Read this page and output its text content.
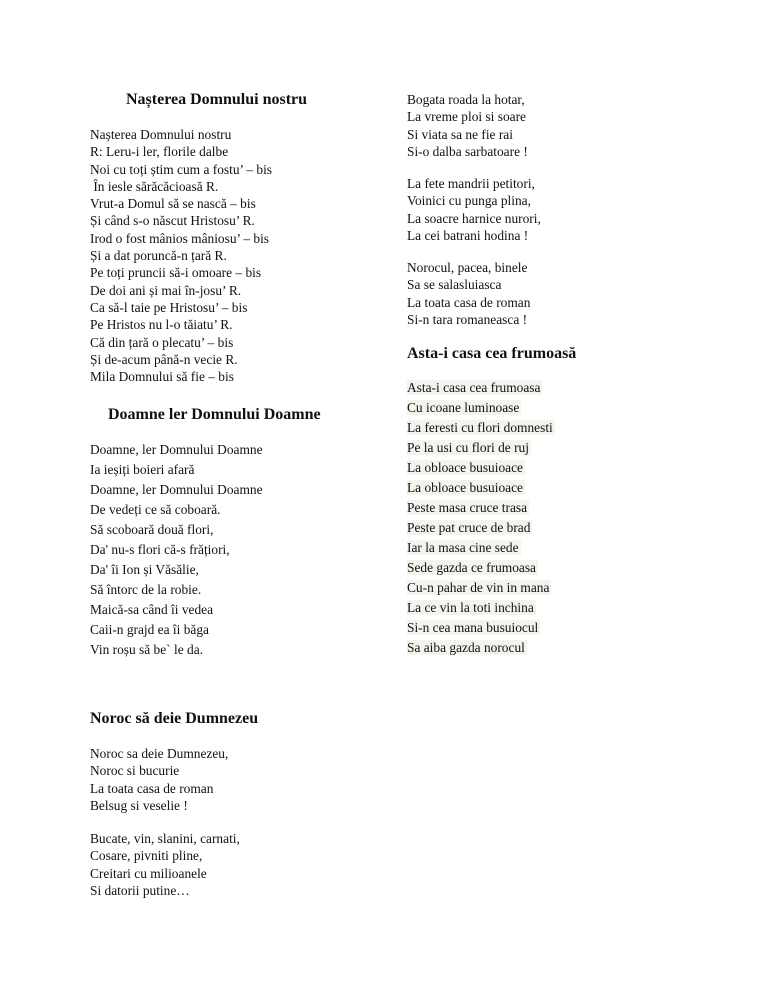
Nașterea Domnului nostru
Nașterea Domnului nostru
R: Leru-i ler, florile dalbe
Noi cu toți știm cum a fostu’ – bis
În iesle sărăcăcioasă R.
Vrut-a Domul să se nască – bis
Și când s-o născut Hristosu’ R.
Irod o fost mânios mâniosu’ – bis
Și a dat poruncă-n țară R.
Pe toți pruncii să-i omoare – bis
De doi ani și mai în-josu’ R.
Ca să-l taie pe Hristosu’ – bis
Pe Hristos nu l-o tăiatu’ R.
Că din țară o plecatu’ – bis
Și de-acum până-n vecie R.
Mila Domnului să fie – bis
Doamne ler Domnului Doamne
Doamne, ler Domnului Doamne
Ia ieșiți boieri afară
Doamne, ler Domnului Doamne
De vedeți ce să coboară.
Să scoboară două flori,
Da' nu-s flori că-s frățiori,
Da' îi Ion și Văsălie,
Să întorc de la robie.
Maică-sa când îi vedea
Caii-n grajd ea îi băga
Vin roșu să be` le da.
Noroc să deie Dumnezeu
Noroc sa deie Dumnezeu,
Noroc si bucurie
La toata casa de roman
Belsug si veselie !
Bucate, vin, slanini, carnati,
Cosare, pivniti pline,
Creitari cu milioanele
Si datorii putine…
Bogata roada la hotar,
La vreme ploi si soare
Si viata sa ne fie rai
Si-o dalba sarbatoare !
La fete mandrii petitori,
Voinici cu punga plina,
La soacre harnice nurori,
La cei batrani hodina !
Norocul, pacea, binele
Sa se salasluiasca
La toata casa de roman
Si-n tara romaneasca !
Asta-i casa cea frumoasă
Asta-i casa cea frumoasa
Cu icoane luminoase
La feresti cu flori domnesti
Pe la usi cu flori de ruj
La obloace busuioace
La obloace busuioace
Peste masa cruce trasa
Peste pat cruce de brad
Iar la masa cine sede
Sede gazda ce frumoasa
Cu-n pahar de vin in mana
La ce vin la toti inchina
Si-n cea mana busuiocul
Sa aiba gazda norocul
